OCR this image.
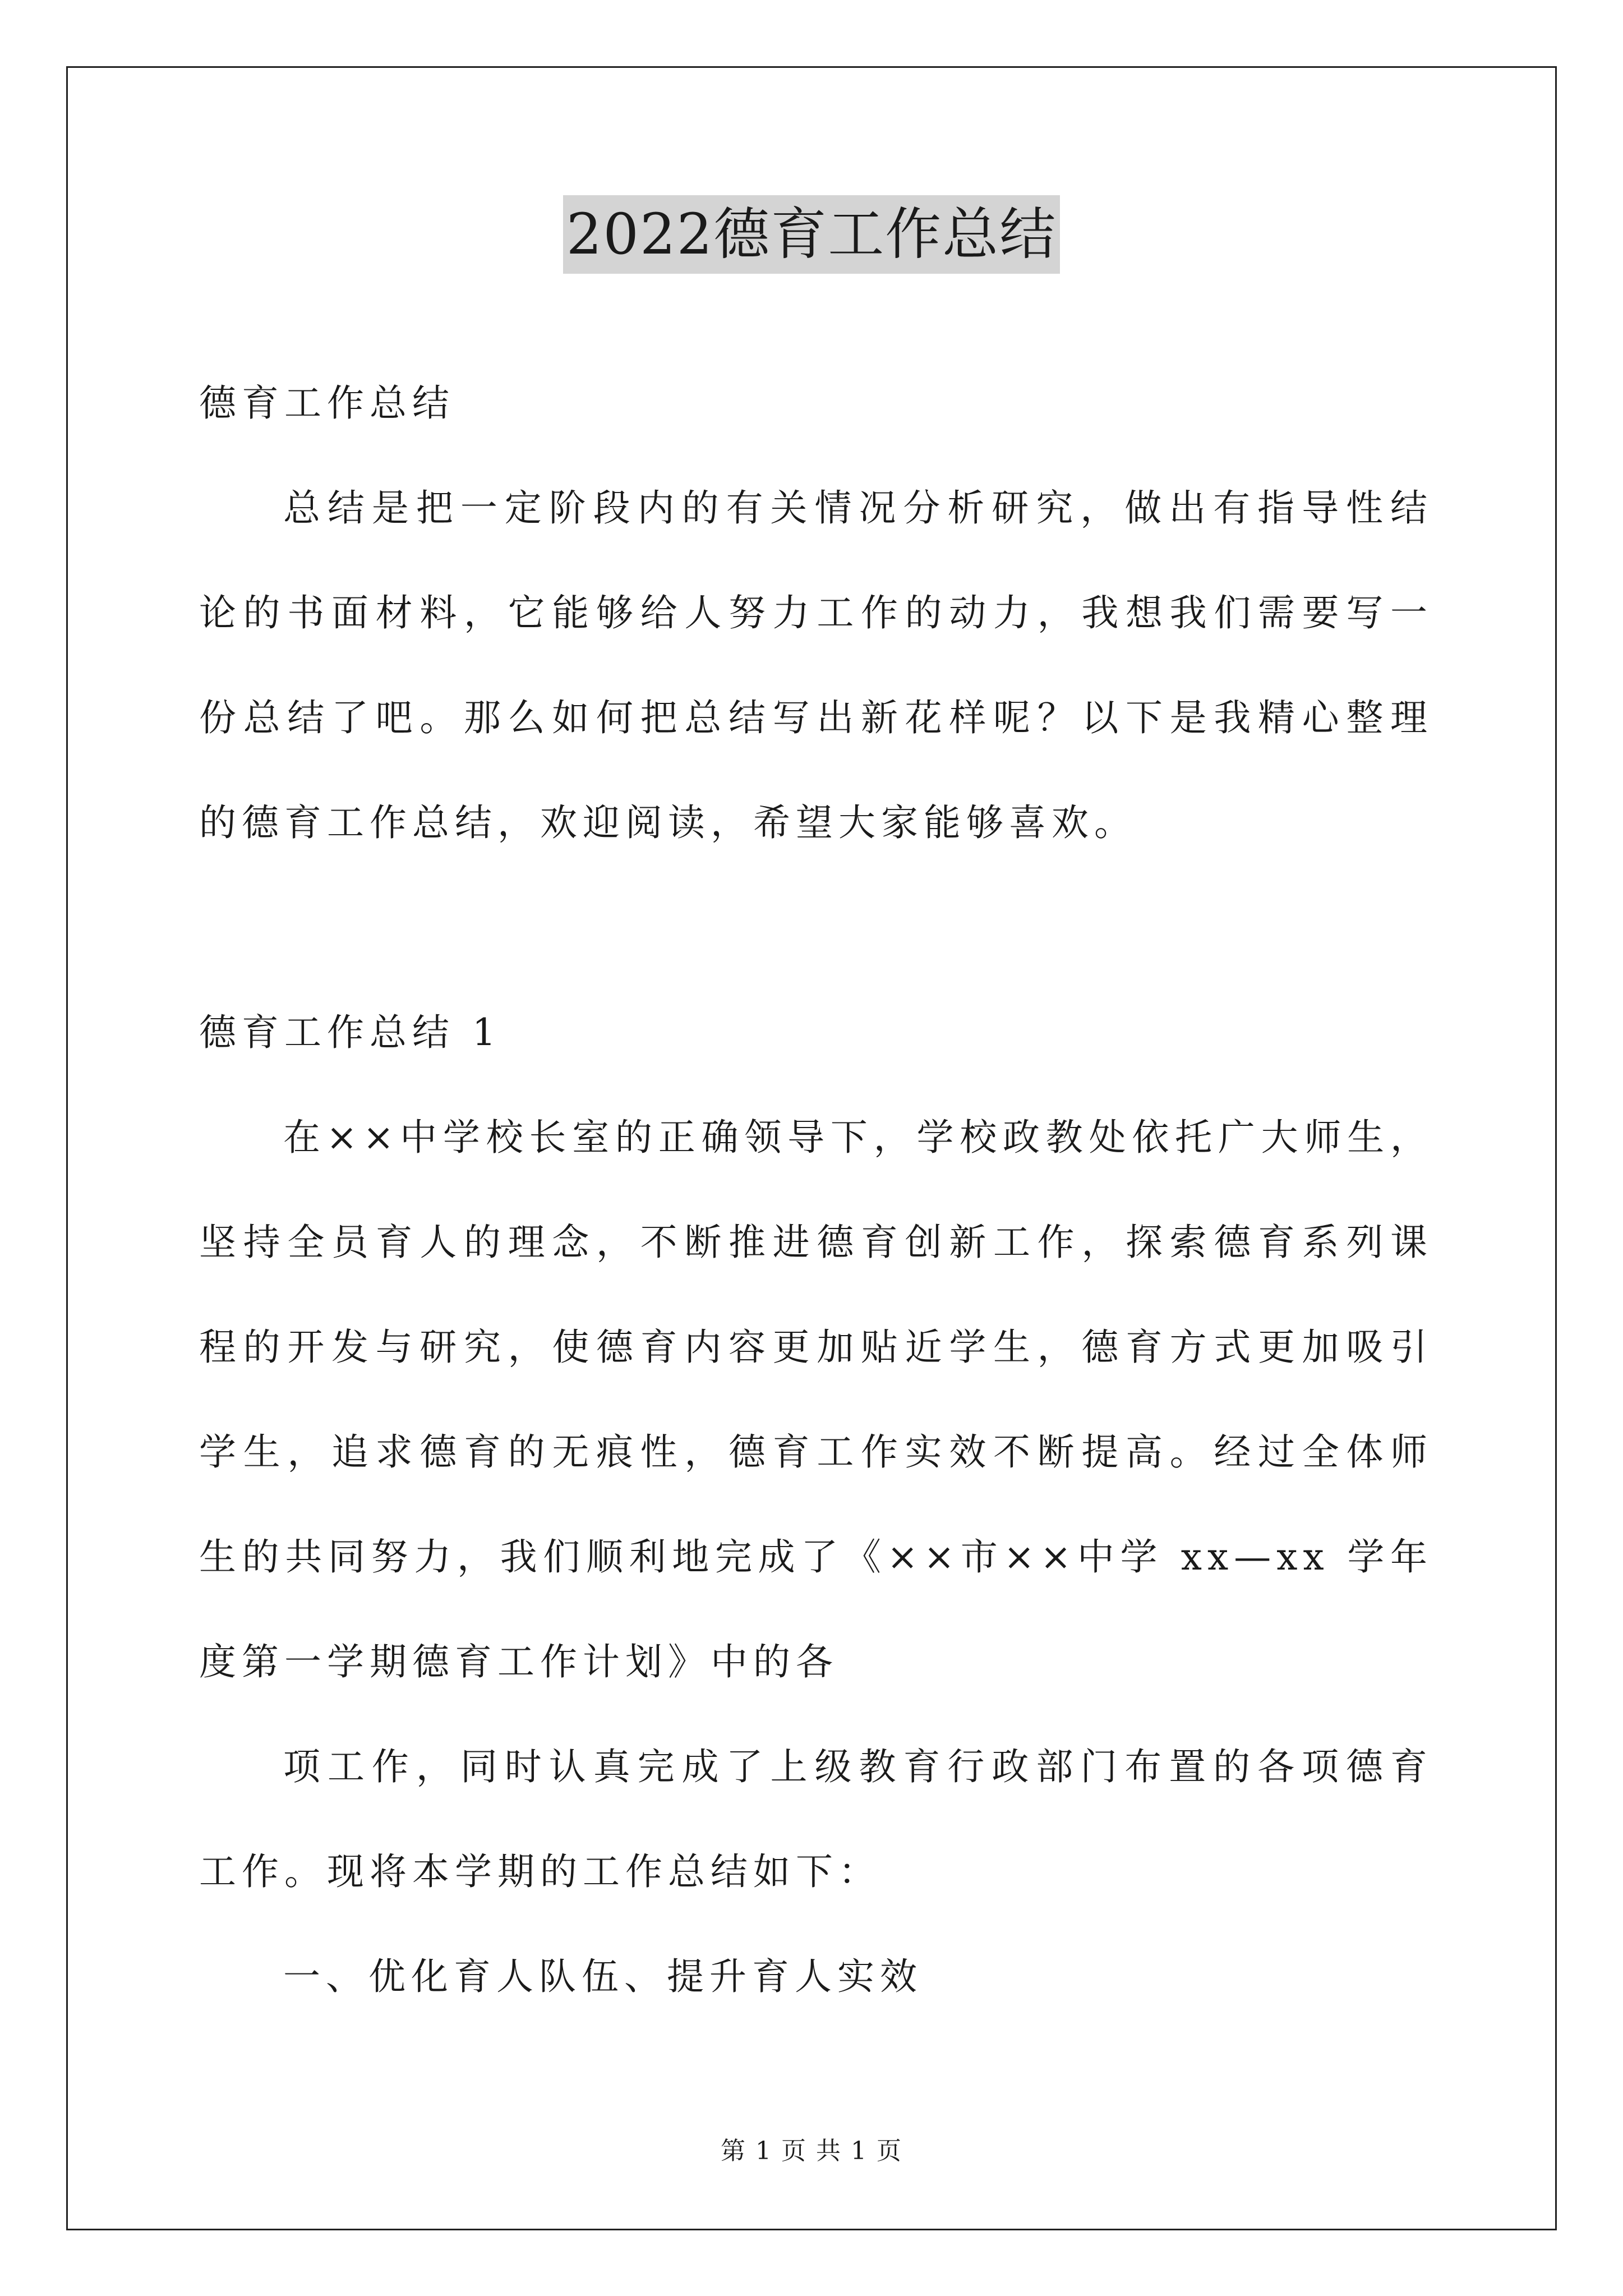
2022德育工作总结

德育工作总结

总结是把一定阶段内的有关情况分析研究，做出有指导性结论的书面材料，它能够给人努力工作的动力，我想我们需要写一份总结了吧。那么如何把总结写出新花样呢？以下是我精心整理的德育工作总结，欢迎阅读，希望大家能够喜欢。

德育工作总结 1

在××中学校长室的正确领导下，学校政教处依托广大师生，坚持全员育人的理念，不断推进德育创新工作，探索德育系列课程的开发与研究，使德育内容更加贴近学生，德育方式更加吸引学生，追求德育的无痕性，德育工作实效不断提高。经过全体师生的共同努力，我们顺利地完成了《××市××中学 xx—xx 学年度第一学期德育工作计划》中的各

项工作，同时认真完成了上级教育行政部门布置的各项德育工作。现将本学期的工作总结如下：

一、优化育人队伍、提升育人实效

第 1 页 共 1 页
